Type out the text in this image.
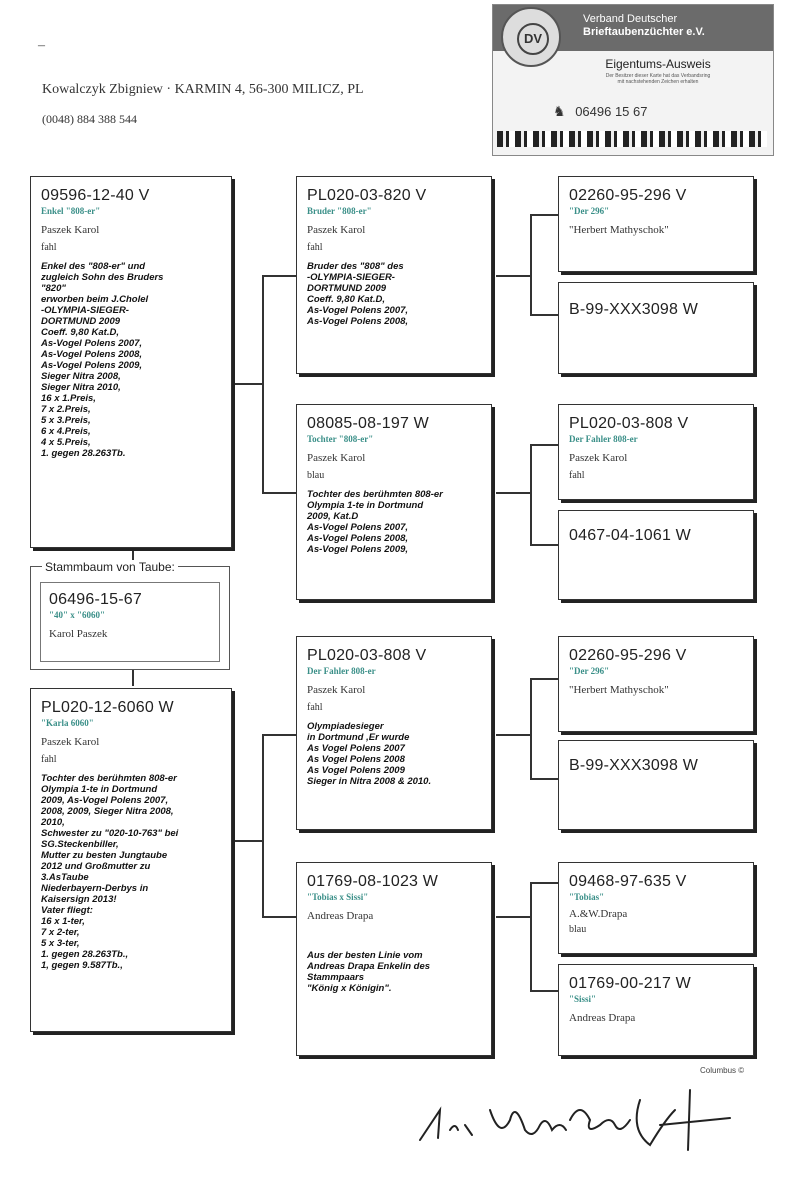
–
Kowalczyk Zbigniew · KARMIN 4, 56-300 MILICZ, PL
(0048) 884 388 544
DV
Verband Deutscher
Brieftaubenzüchter e.V.
Eigentums-Ausweis
Der Besitzer dieser Karte hat das Verbandsring
mit nachstehenden Zeichen erhalten
♞ 06496 15 67
Stammbaum von Taube:
06496-15-67
"40" x "6060"
Karol Paszek
09596-12-40 V
Enkel "808-er"
Paszek Karol
fahl
Enkel des "808-er" und
zugleich Sohn des Bruders
"820"
erworben beim J.Cholel
-OLYMPIA-SIEGER-
DORTMUND 2009
Coeff. 9,80 Kat.D,
As-Vogel Polens 2007,
As-Vogel Polens 2008,
As-Vogel Polens 2009,
Sieger Nitra 2008,
Sieger Nitra 2010,
16 x 1.Preis,
7 x 2.Preis,
5 x 3.Preis,
6 x 4.Preis,
4 x 5.Preis,
1. gegen 28.263Tb.
PL020-12-6060 W
"Karla 6060"
Paszek Karol
fahl
Tochter des berühmten 808-er
Olympia 1-te in Dortmund
2009, As-Vogel Polens 2007,
2008, 2009, Sieger Nitra 2008,
2010,
Schwester zu "020-10-763" bei
SG.Steckenbiller,
Mutter zu besten Jungtaube
2012 und Großmutter zu
3.AsTaube
Niederbayern-Derbys in
Kaisersign 2013!
Vater fliegt:
16 x 1-ter,
7 x 2-ter,
5 x 3-ter,
1. gegen 28.263Tb.,
1, gegen 9.587Tb.,
PL020-03-820 V
Bruder "808-er"
Paszek Karol
fahl
Bruder des "808" des
-OLYMPIA-SIEGER-
DORTMUND 2009
Coeff. 9,80 Kat.D,
As-Vogel Polens 2007,
As-Vogel Polens 2008,
08085-08-197 W
Tochter "808-er"
Paszek Karol
blau
Tochter des berühmten 808-er
Olympia 1-te in Dortmund
2009, Kat.D
As-Vogel Polens 2007,
As-Vogel Polens 2008,
As-Vogel Polens 2009,
PL020-03-808 V
Der Fahler 808-er
Paszek Karol
fahl
Olympiadesieger
in Dortmund ,Er wurde
As Vogel Polens 2007
As Vogel Polens 2008
As Vogel Polens 2009
Sieger in Nitra 2008 & 2010.
01769-08-1023 W
"Tobias x Sissi"
Andreas Drapa
Aus der besten Linie vom
Andreas Drapa Enkelin des
Stammpaars
"König x Königin".
02260-95-296 V
"Der 296"
"Herbert Mathyschok"
B-99-XXX3098 W
PL020-03-808 V
Der Fahler 808-er
Paszek Karol
fahl
0467-04-1061 W
02260-95-296 V
"Der 296"
"Herbert Mathyschok"
B-99-XXX3098 W
09468-97-635 V
"Tobias"
A.&W.Drapa
blau
01769-00-217 W
"Sissi"
Andreas Drapa
Columbus ©
